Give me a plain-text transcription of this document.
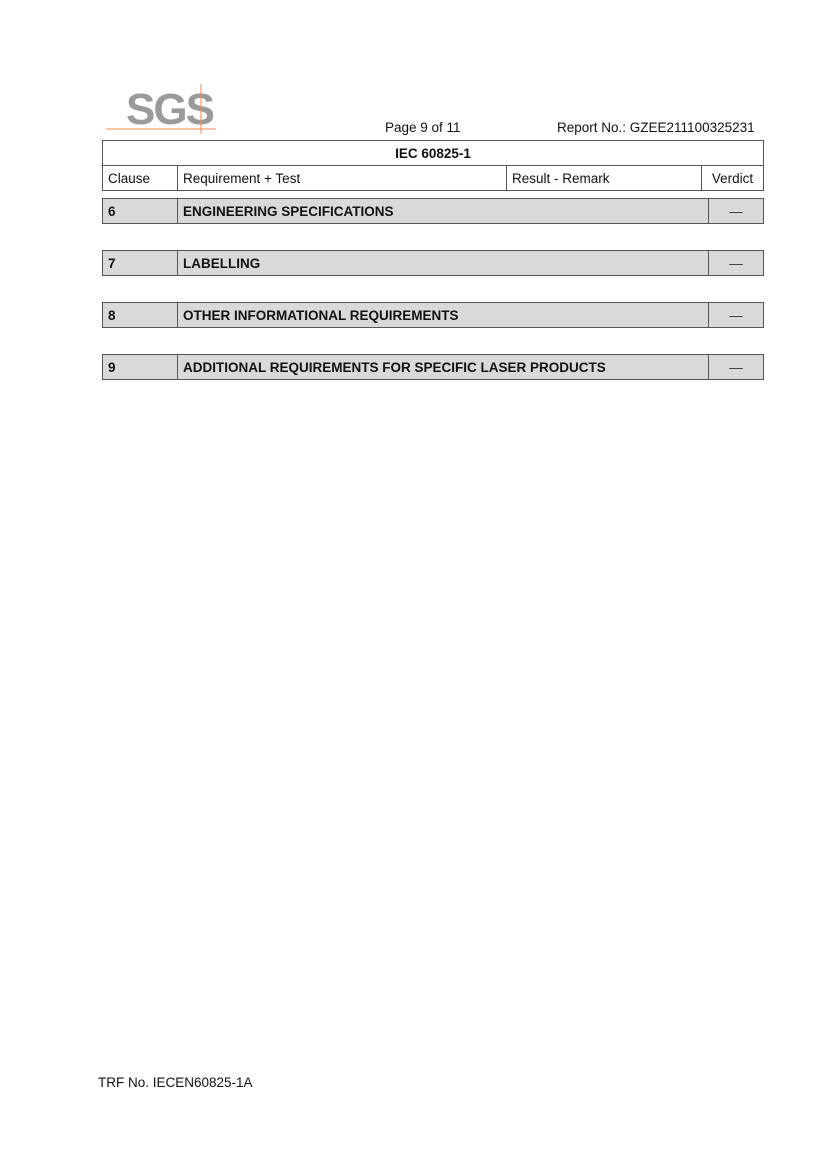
SGS	Page 9 of 11	Report No.: GZEE211100325231
IEC 60825-1
Clause	Requirement + Test	Result - Remark	Verdict
6	ENGINEERING SPECIFICATIONS		—
7	LABELLING		—
8	OTHER INFORMATIONAL REQUIREMENTS		—
9	ADDITIONAL REQUIREMENTS FOR SPECIFIC LASER PRODUCTS		—
TRF No. IECEN60825-1A
